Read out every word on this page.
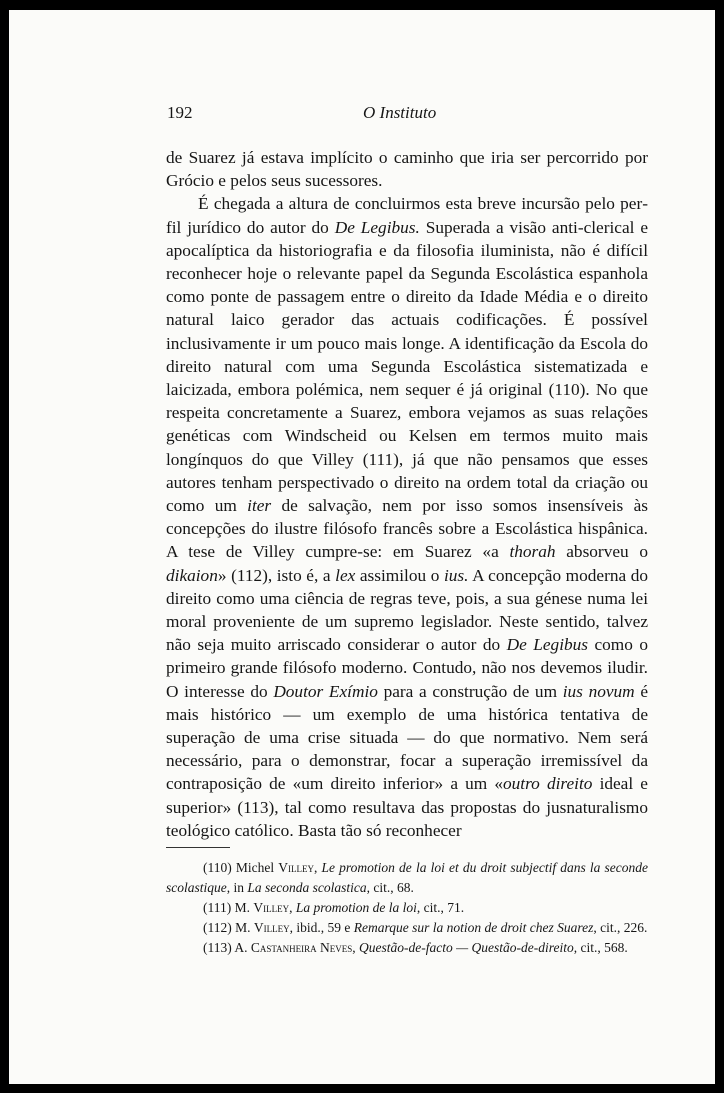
192	O Instituto

de Suarez já estava implícito o caminho que iria ser percorrido por Grócio e pelos seus sucessores.

É chegada a altura de concluirmos esta breve incursão pelo perfil jurídico do autor do De Legibus. Superada a visão anti-clerical e apocalíptica da historiografia e da filosofia iluminista, não é difícil reconhecer hoje o relevante papel da Segunda Escolástica espanhola como ponte de passagem entre o direito da Idade Média e o direito natural laico gerador das actuais codificações. É possível inclusivamente ir um pouco mais longe. A identificação da Escola do direito natural com uma Segunda Escolástica sistematizada e laicizada, embora polémica, nem sequer é já original (110). No que respeita concretamente a Suarez, embora vejamos as suas relações genéticas com Windscheid ou Kelsen em termos muito mais longínquos do que Villey (111), já que não pensamos que esses autores tenham perspectivado o direito na ordem total da criação ou como um iter de salvação, nem por isso somos insensíveis às concepções do ilustre filósofo francês sobre a Escolástica hispânica. A tese de Villey cumpre-se: em Suarez «a thorah absorveu o dikaion» (112), isto é, a lex assimilou o ius. A concepção moderna do direito como uma ciência de regras teve, pois, a sua génese numa lei moral proveniente de um supremo legislador. Neste sentido, talvez não seja muito arriscado considerar o autor do De Legibus como o primeiro grande filósofo moderno. Contudo, não nos devemos iludir. O interesse do Doutor Exímio para a construção de um ius novum é mais histórico — um exemplo de uma histórica tentativa de superação de uma crise situada — do que normativo. Nem será necessário, para o demonstrar, focar a superação irremissível da contraposição de «um direito inferior» a um «outro direito ideal e superior» (113), tal como resultava das propostas do jusnaturalismo teológico católico. Basta tão só reconhecer

(110) Michel Villey, Le promotion de la loi et du droit subjectif dans la seconde scolastique, in La seconda scolastica, cit., 68.

(111) M. Villey, La promotion de la loi, cit., 71.

(112) M. Villey, ibid., 59 e Remarque sur la notion de droit chez Suarez, cit., 226.

(113) A. Castanheira Neves, Questão-de-facto — Questão-de-direito, cit., 568.
